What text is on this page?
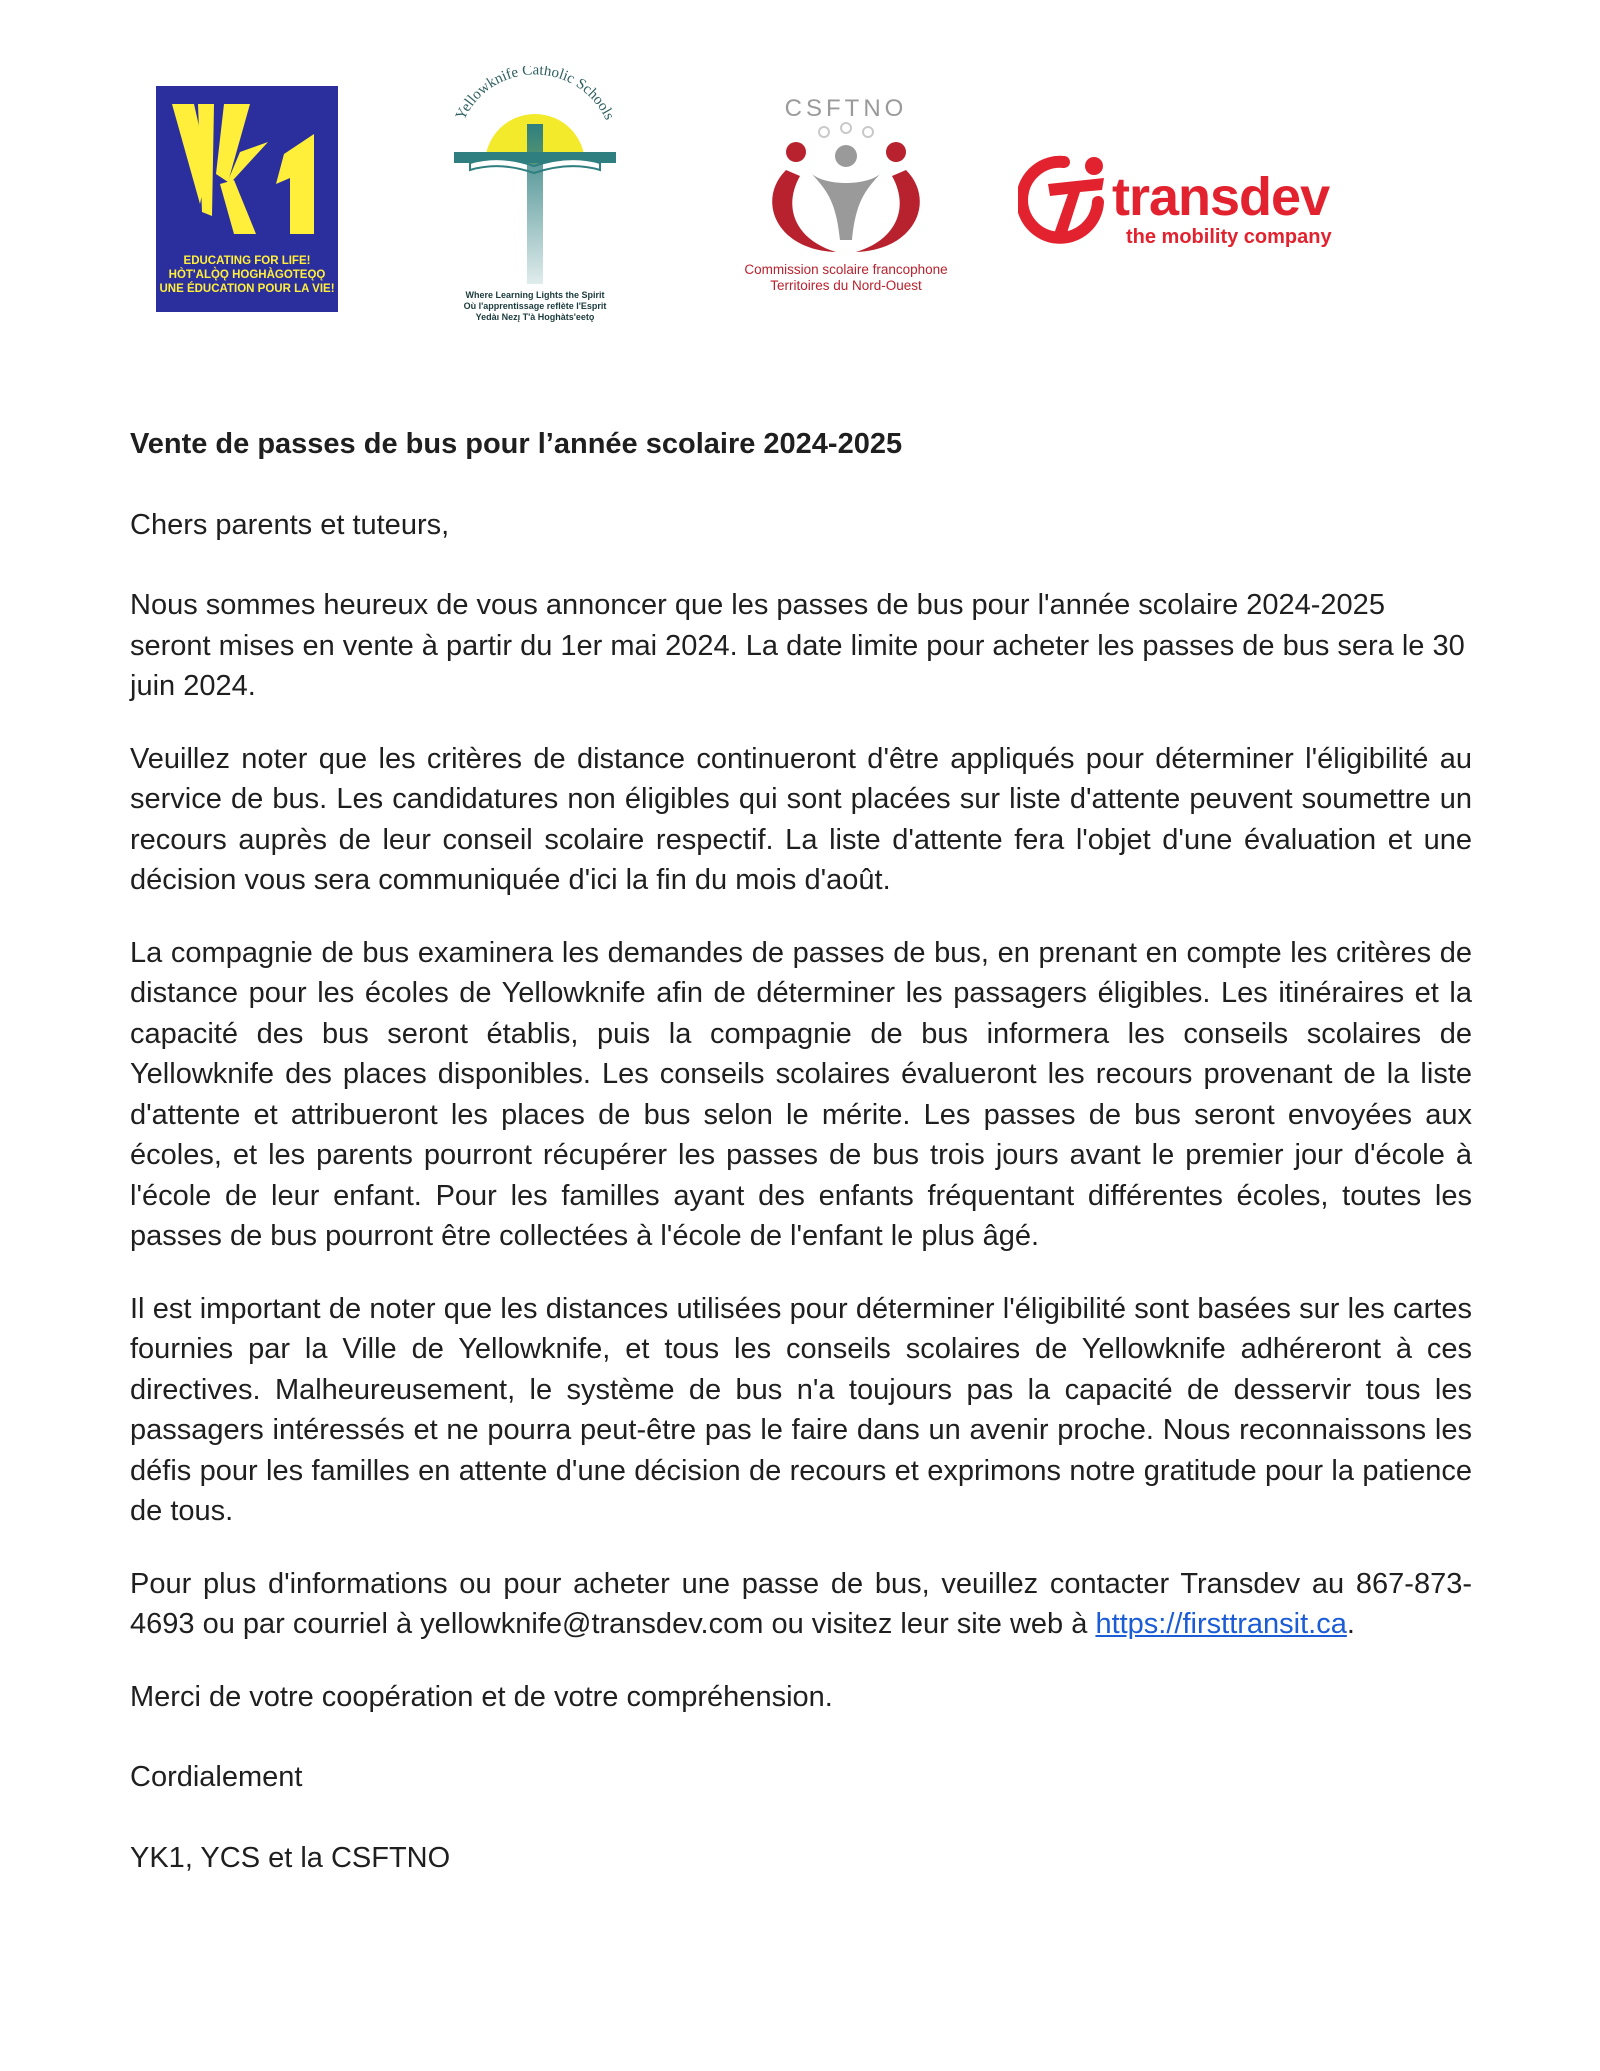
EDUCATING FOR LIFE!
HÒT'ALǪ̀Ǫ HOGHÀGOTEǪǪ
UNE ÉDUCATION POUR LA VIE!
Yellowknife Catholic Schools
Where Learning Lights the Spirit
Où l'apprentissage reflète l'Esprit
Yedàı Nezı̨ T'à Hoghàts'eetǫ
CSFTNO
Commission scolaire francophone
Territoires du Nord-Ouest
transdev
the mobility company

Vente de passes de bus pour l’année scolaire 2024-2025

Chers parents et tuteurs,

Nous sommes heureux de vous annoncer que les passes de bus pour l'année scolaire 2024-2025 seront mises en vente à partir du 1er mai 2024. La date limite pour acheter les passes de bus sera le 30 juin 2024.

Veuillez noter que les critères de distance continueront d'être appliqués pour déterminer l'éligibilité au service de bus. Les candidatures non éligibles qui sont placées sur liste d'attente peuvent soumettre un recours auprès de leur conseil scolaire respectif. La liste d'attente fera l'objet d'une évaluation et une décision vous sera communiquée d'ici la fin du mois d'août.

La compagnie de bus examinera les demandes de passes de bus, en prenant en compte les critères de distance pour les écoles de Yellowknife afin de déterminer les passagers éligibles. Les itinéraires et la capacité des bus seront établis, puis la compagnie de bus informera les conseils scolaires de Yellowknife des places disponibles. Les conseils scolaires évalueront les recours provenant de la liste d'attente et attribueront les places de bus selon le mérite. Les passes de bus seront envoyées aux écoles, et les parents pourront récupérer les passes de bus trois jours avant le premier jour d'école à l'école de leur enfant. Pour les familles ayant des enfants fréquentant différentes écoles, toutes les passes de bus pourront être collectées à l'école de l'enfant le plus âgé.

Il est important de noter que les distances utilisées pour déterminer l'éligibilité sont basées sur les cartes fournies par la Ville de Yellowknife, et tous les conseils scolaires de Yellowknife adhéreront à ces directives. Malheureusement, le système de bus n'a toujours pas la capacité de desservir tous les passagers intéressés et ne pourra peut-être pas le faire dans un avenir proche. Nous reconnaissons les défis pour les familles en attente d'une décision de recours et exprimons notre gratitude pour la patience de tous.

Pour plus d'informations ou pour acheter une passe de bus, veuillez contacter Transdev au 867-873-4693 ou par courriel à yellowknife@transdev.com ou visitez leur site web à https://firsttransit.ca.

Merci de votre coopération et de votre compréhension.

Cordialement

YK1, YCS et la CSFTNO
